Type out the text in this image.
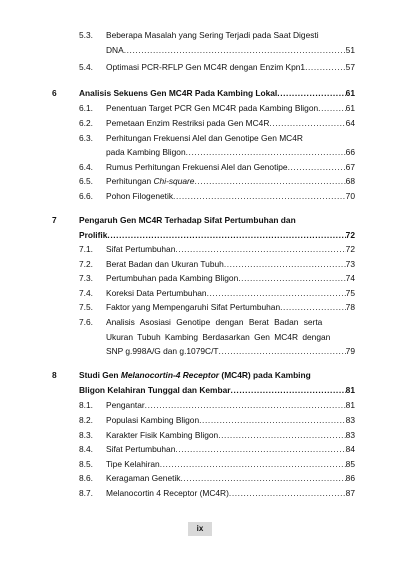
5.3. Beberapa Masalah yang Sering Terjadi pada Saat Digesti
DNA .....	51
5.4. Optimasi PCR-RFLP Gen MC4R dengan Enzim Kpn1 .....	57
6	Analisis Sekuens Gen MC4R Pada Kambing Lokal .....	61
6.1. Penentuan Target PCR Gen MC4R pada Kambing Bligon .....	61
6.2. Pemetaan Enzim Restriksi pada Gen MC4R .....	64
6.3. Perhitungan Frekuensi Alel dan Genotipe Gen MC4R
pada Kambing Bligon .....	66
6.4. Rumus Perhitungan Frekuensi Alel dan Genotipe .....	67
6.5. Perhitungan Chi-square .....	68
6.6. Pohon Filogenetik .....	70
7	Pengaruh Gen MC4R Terhadap Sifat Pertumbuhan dan
Prolifik .....	72
7.1. Sifat Pertumbuhan .....	72
7.2. Berat Badan dan Ukuran Tubuh .....	73
7.3. Pertumbuhan pada Kambing Bligon .....	74
7.4. Koreksi Data Pertumbuhan .....	75
7.5. Faktor yang Mempengaruhi Sifat Pertumbuhan .....	78
7.6. Analisis Asosiasi Genotipe dengan Berat Badan serta
Ukuran Tubuh Kambing Berdasarkan Gen MC4R dengan
SNP g.998A/G dan g.1079C/T .....	79
8	Studi Gen Melanocortin-4 Receptor (MC4R) pada Kambing
Bligon Kelahiran Tunggal dan Kembar .....	81
8.1. Pengantar .....	81
8.2. Populasi Kambing Bligon .....	83
8.3. Karakter Fisik Kambing Bligon .....	83
8.4. Sifat Pertumbuhan .....	84
8.5. Tipe Kelahiran .....	85
8.6. Keragaman Genetik .....	86
8.7. Melanocortin 4 Receptor (MC4R) .....	87
ix
